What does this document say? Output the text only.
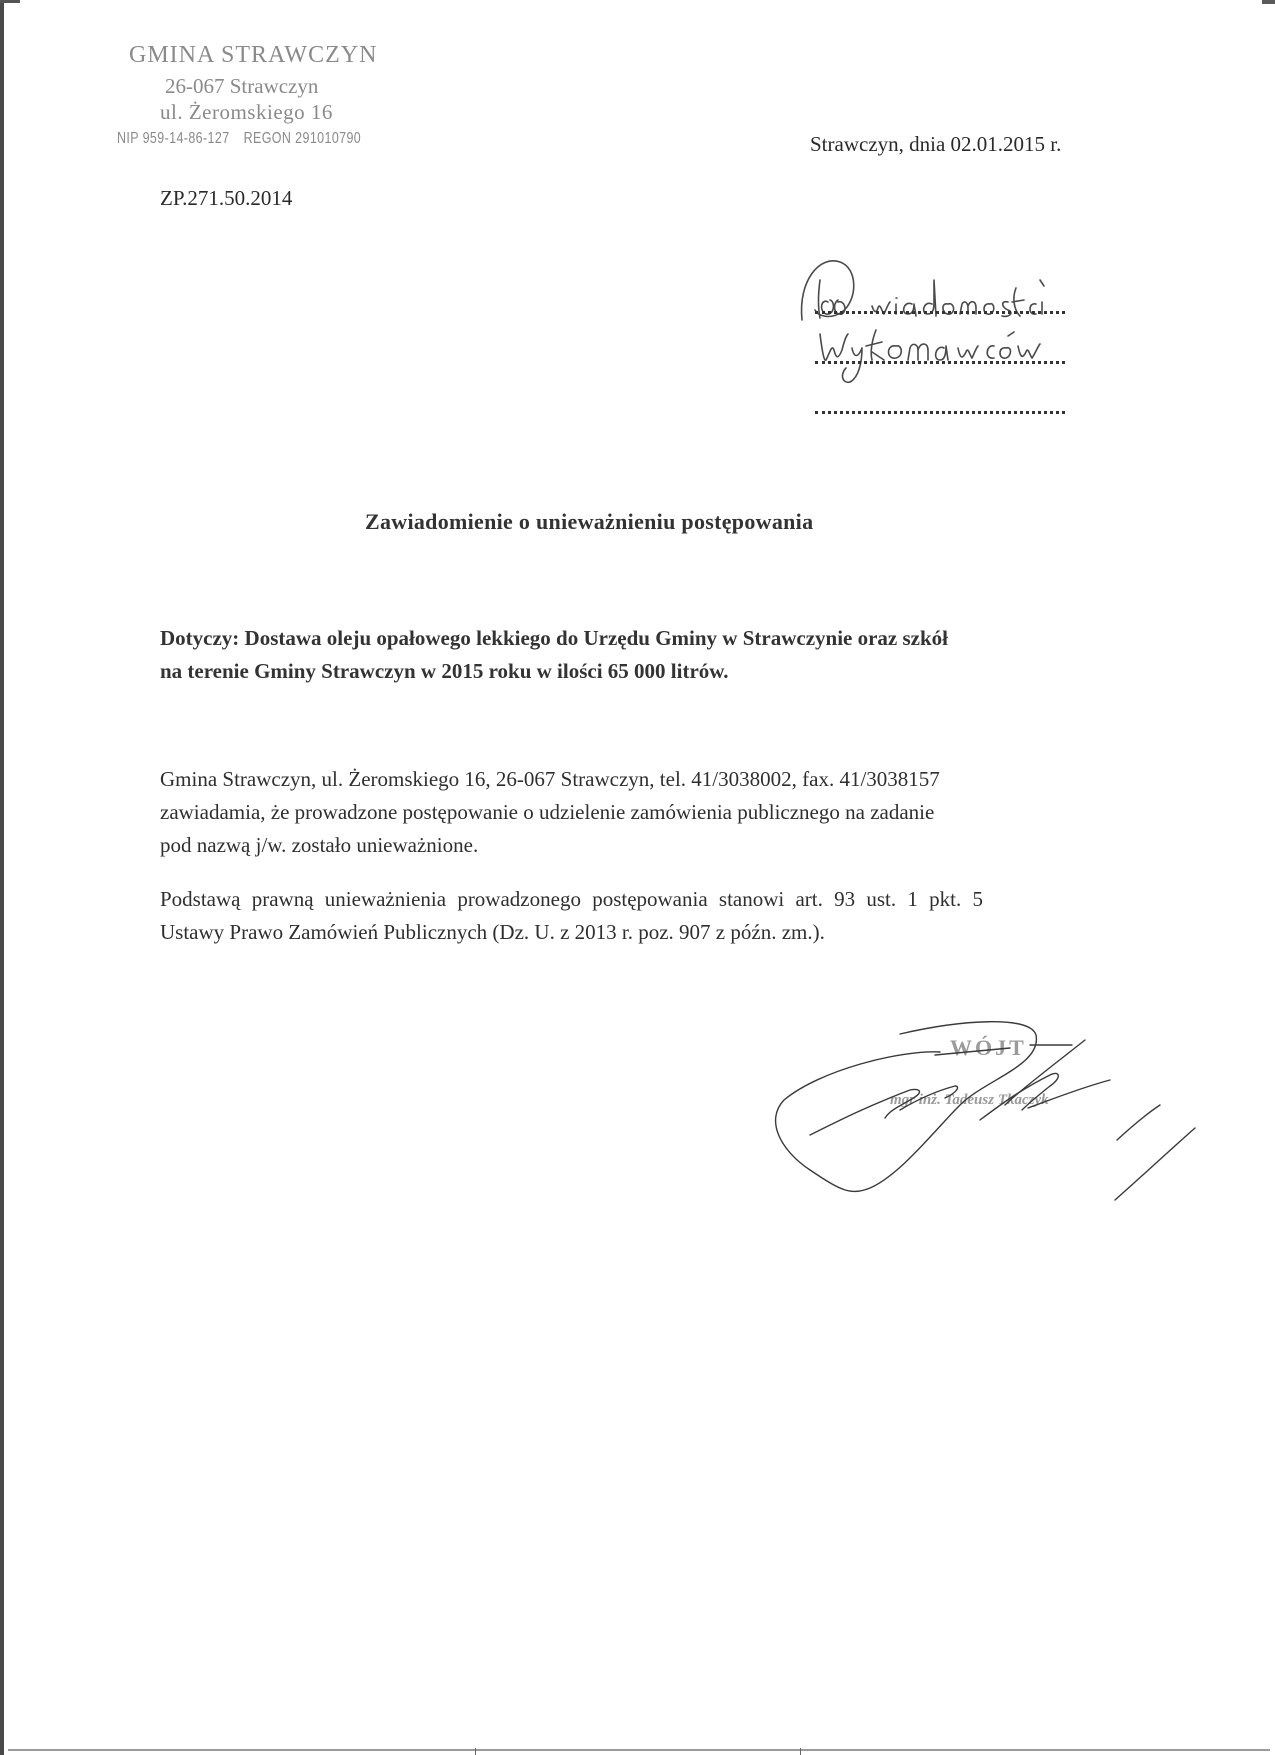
GMINA STRAWCZYN
26-067 Strawczyn
ul. Żeromskiego 16
NIP 959-14-86-127 REGON 291010790	Strawczyn, dnia 02.01.2015 r.
ZP.271.50.2014
Zawiadomienie o unieważnieniu postępowania
Dotyczy: Dostawa oleju opałowego lekkiego do Urzędu Gminy w Strawczynie oraz szkół
na terenie Gminy Strawczyn w 2015 roku w ilości 65 000 litrów.
Gmina Strawczyn, ul. Żeromskiego 16, 26-067 Strawczyn, tel. 41/3038002, fax. 41/3038157
zawiadamia, że prowadzone postępowanie o udzielenie zamówienia publicznego na zadanie
pod nazwą j/w. zostało unieważnione.
Podstawą prawną unieważnienia prowadzonego postępowania stanowi art. 93 ust. 1 pkt. 5
Ustawy Prawo Zamówień Publicznych (Dz. U. z 2013 r. poz. 907 z późn. zm.).
WÓJT
mgr inż. Tadeusz Tkaczyk
